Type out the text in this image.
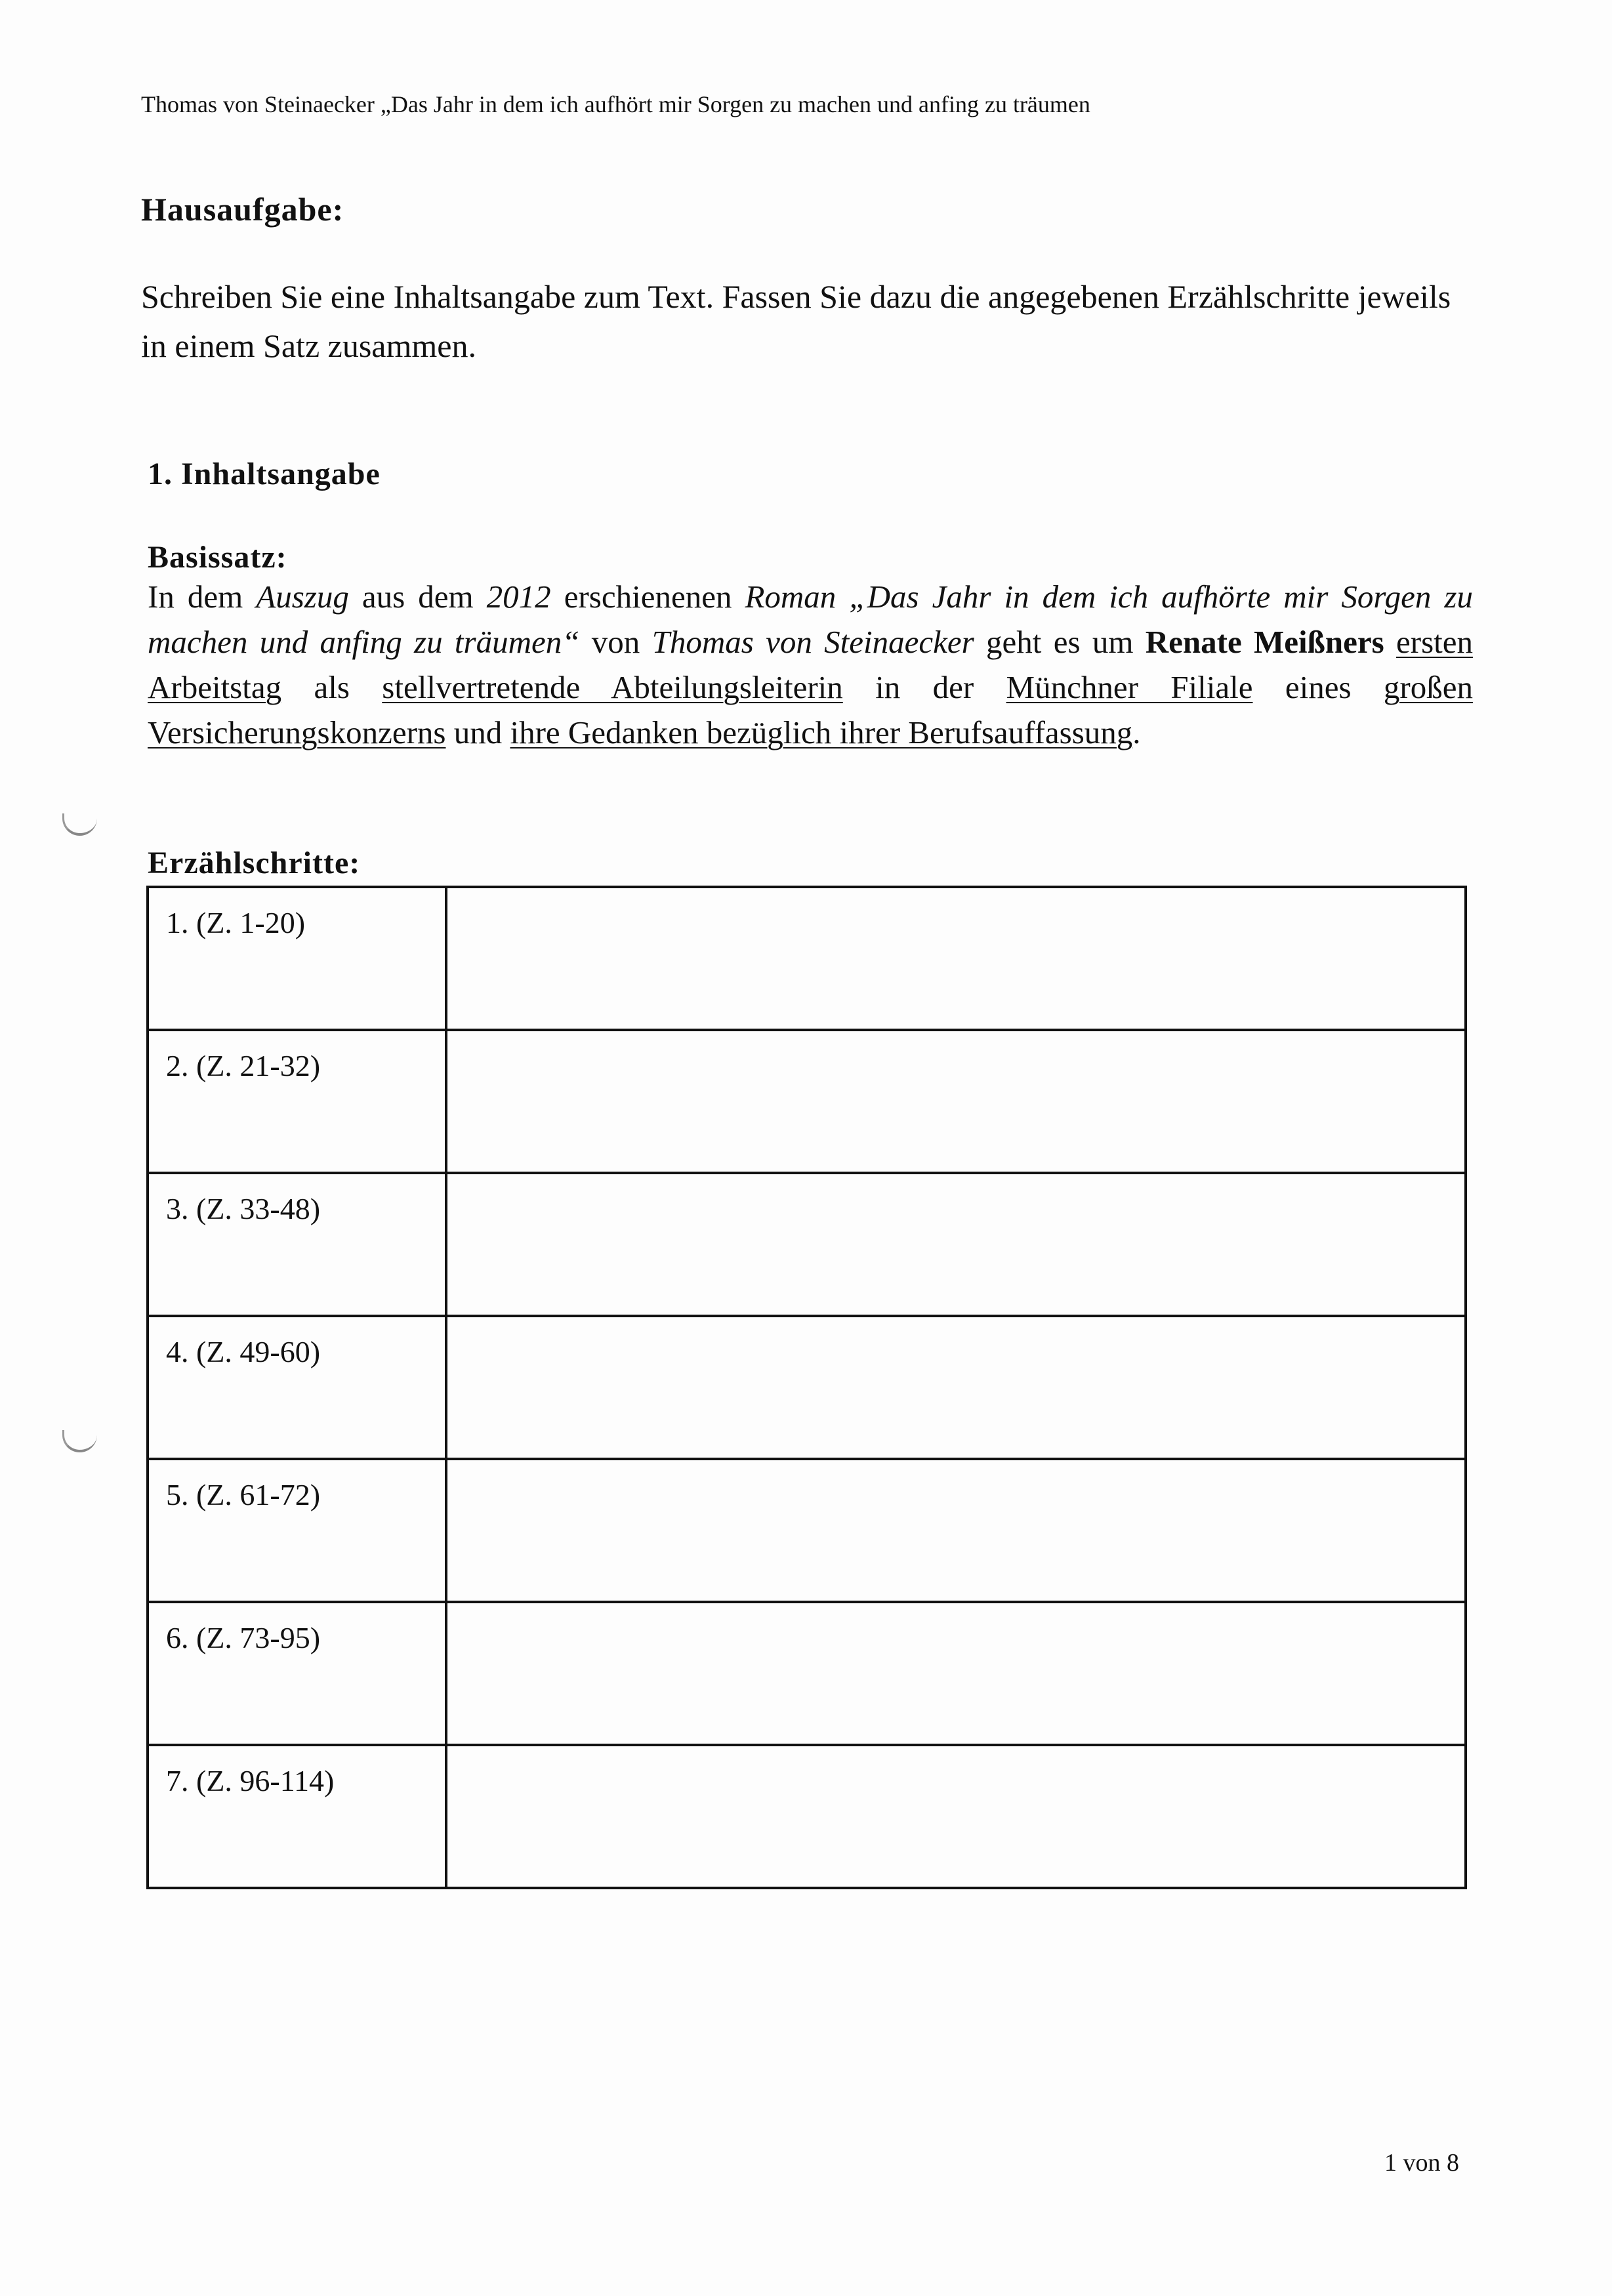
Thomas von Steinaecker „Das Jahr in dem ich aufhört mir Sorgen zu machen und anfing zu träumen
Hausaufgabe:
Schreiben Sie eine Inhaltsangabe zum Text. Fassen Sie dazu die angegebenen Erzählschritte jeweils in einem Satz zusammen.
1. Inhaltsangabe
Basissatz:
In dem Auszug aus dem 2012 erschienenen Roman „Das Jahr in dem ich aufhörte mir Sorgen zu machen und anfing zu träumen“ von Thomas von Steinaecker geht es um Renate Meißners ersten Arbeitstag als stellvertretende Abteilungsleiterin in der Münchner Filiale eines großen Versicherungskonzerns und ihre Gedanken bezüglich ihrer Berufsauffassung.
Erzählschritte:
1. (Z. 1-20)	
2. (Z. 21-32)	
3. (Z. 33-48)	
4. (Z. 49-60)	
5. (Z. 61-72)	
6. (Z. 73-95)	
7. (Z. 96-114)	
1 von 8
